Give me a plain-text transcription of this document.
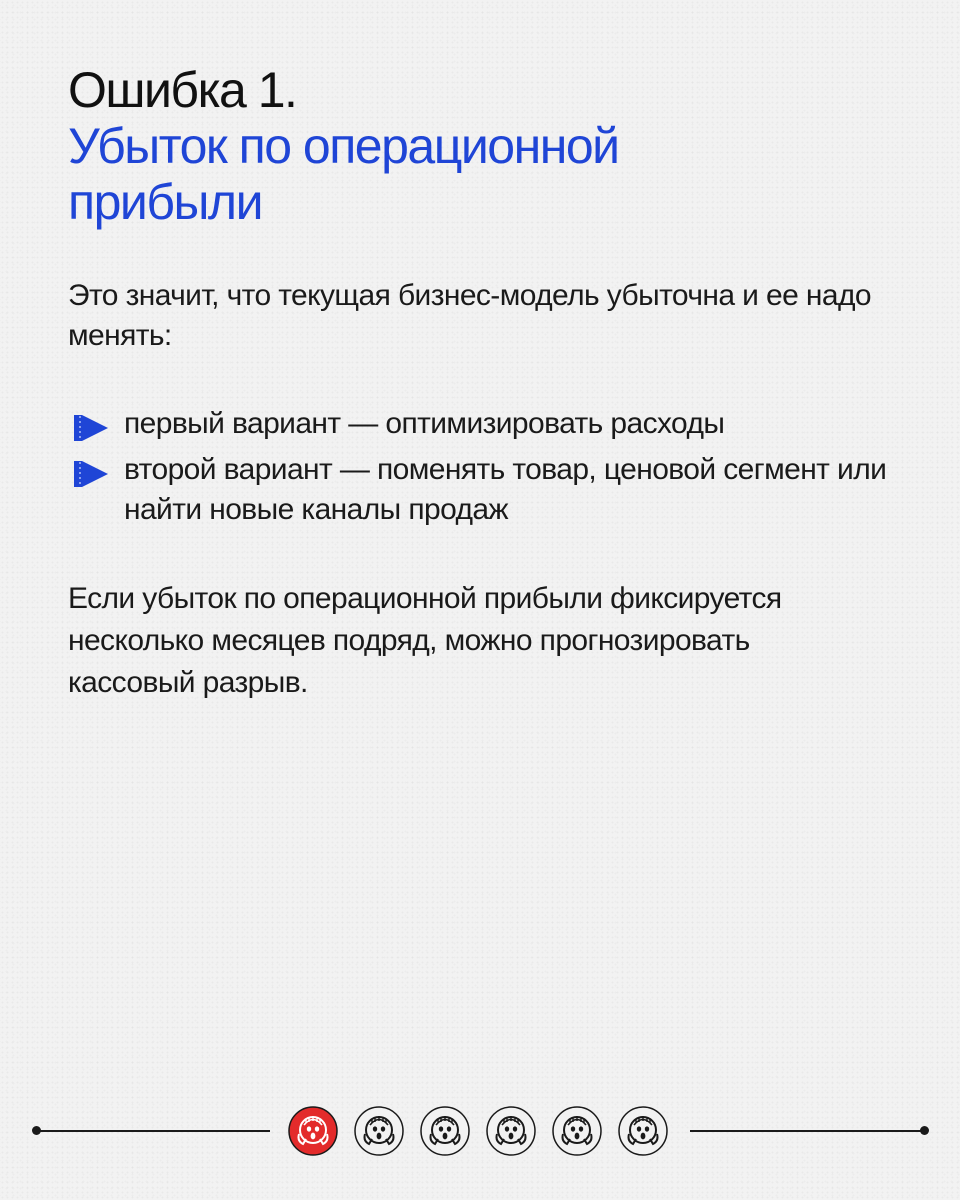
Ошибка 1.
Убыток по операционной прибыли

Это значит, что текущая бизнес-модель убыточна и ее надо менять:

первый вариант — оптимизировать расходы
второй вариант — поменять товар, ценовой сегмент или найти новые каналы продаж

Если убыток по операционной прибыли фиксируется несколько месяцев подряд, можно прогнозировать кассовый разрыв.
